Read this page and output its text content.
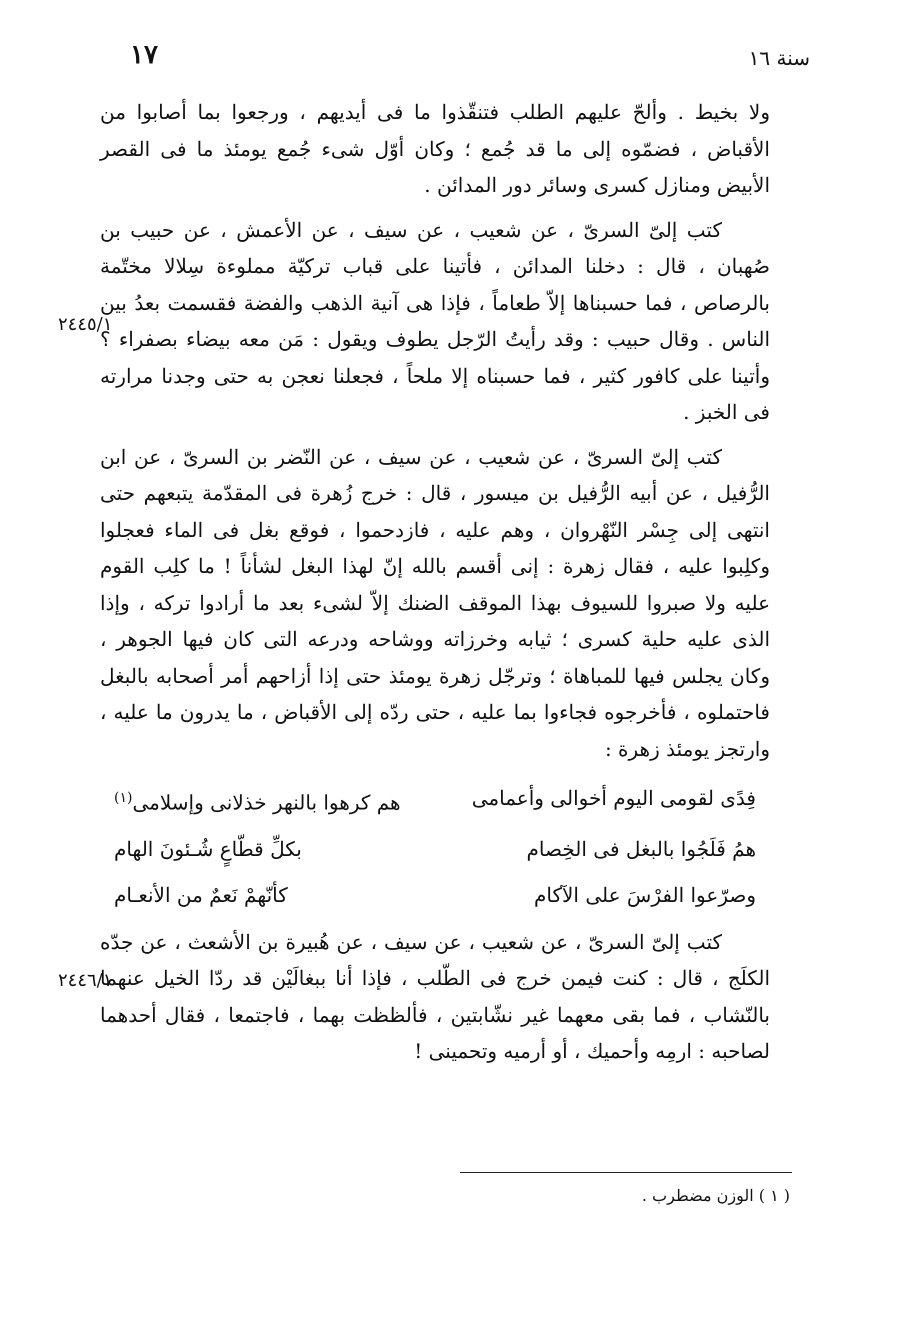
سنة ١٦
١٧
٢٤٤٥/١
٢٤٤٦/١

ولا بخيط . وألحّ عليهم الطلب فتنقّذوا ما فى أيديهم ، ورجعوا بما أصابوا من الأقباض ، فضمّوه إلى ما قد جُمع ؛ وكان أوّل شىء جُمع يومئذ ما فى القصر الأبيض ومنازل كسرى وسائر دور المدائن .

كتب إلىّ السرىّ ، عن شعيب ، عن سيف ، عن الأعمش ، عن حبيب بن صُهبان ، قال : دخلنا المدائن ، فأتينا على قباب تركيّة مملوءة سِلالا مختّمة بالرصاص ، فما حسبناها إلاّ طعاماً ، فإذا هى آنية الذهب والفضة فقسمت بعدُ بين الناس . وقال حبيب : وقد رأيتُ الرّجل يطوف ويقول : مَن معه بيضاء بصفراء ؟ وأتينا على كافور كثير ، فما حسبناه إلا ملحاً ، فجعلنا نعجن به حتى وجدنا مرارته فى الخبز .

كتب إلىّ السرىّ ، عن شعيب ، عن سيف ، عن النّضر بن السرىّ ، عن ابن الرُّفيل ، عن أبيه الرُّفيل بن ميسور ، قال : خرج زُهرة فى المقدّمة يتبعهم حتى انتهى إلى جِسْر النّهْروان ، وهم عليه ، فازدحموا ، فوقع بغل فى الماء فعجلوا وكلِبوا عليه ، فقال زهرة : إنى أقسم بالله إنّ لهذا البغل لشأناً ! ما كلِب القوم عليه ولا صبروا للسيوف بهذا الموقف الضنك إلاّ لشىء بعد ما أرادوا تركه ، وإذا الذى عليه حلية كسرى ؛ ثيابه وخرزاته ووشاحه ودرعه التى كان فيها الجوهر ، وكان يجلس فيها للمباهاة ؛ وترجّل زهرة يومئذ حتى إذا أزاحهم أمر أصحابه بالبغل فاحتملوه ، فأخرجوه فجاءوا بما عليه ، حتى ردّه إلى الأقباض ، ما يدرون ما عليه ، وارتجز يومئذ زهرة :

فِدًى لقومى اليوم أخوالى وأعمامى
هم كرهوا بالنهر خذلانى وإسلامى$^{(١)}$
همُ فَلَجُوا بالبغل فى الخِصام
بكلِّ قطّاعٍ شُـئونَ الهام
وصرّعوا الفرْسَ على الآكام
كأنّهمْ نَعمٌ من الأنعـام

كتب إلىّ السرىّ ، عن شعيب ، عن سيف ، عن هُبيرة بن الأشعث ، عن جدّه الكلَج ، قال : كنت فيمن خرج فى الطّلب ، فإذا أنا ببغالَيْن قد ردّا الخيل عنهما بالنّشاب ، فما بقى معهما غير نشّابتين ، فألظظت بهما ، فاجتمعا ، فقال أحدهما لصاحبه : ارمِه وأحميك ، أو أرميه وتحمينى !

( ١ ) الوزن مضطرب .
